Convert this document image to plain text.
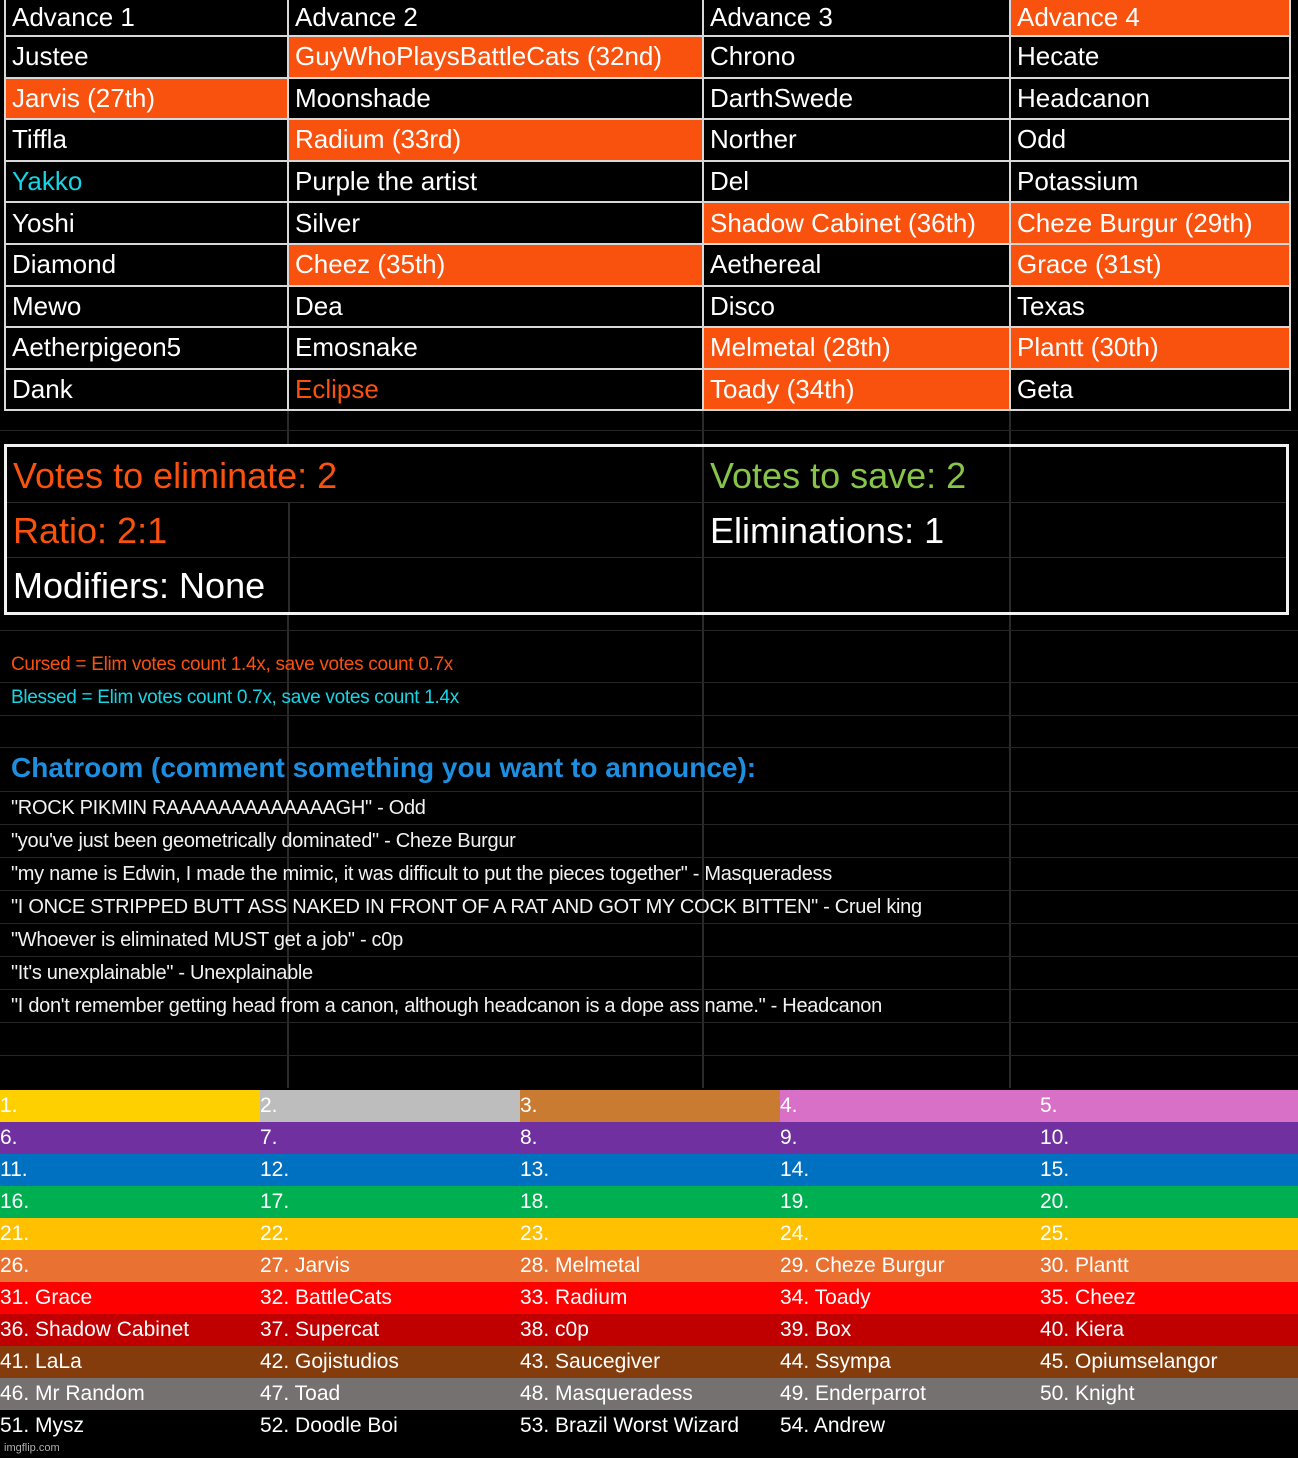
Advance 1	Advance 2	Advance 3	Advance 4
Justee	GuyWhoPlaysBattleCats (32nd)	Chrono	Hecate
Jarvis (27th)	Moonshade	DarthSwede	Headcanon
Tiffla	Radium (33rd)	Norther	Odd
Yakko	Purple the artist	Del	Potassium
Yoshi	Silver	Shadow Cabinet (36th)	Cheze Burgur (29th)
Diamond	Cheez (35th)	Aethereal	Grace (31st)
Mewo	Dea	Disco	Texas
Aetherpigeon5	Emosnake	Melmetal (28th)	Plantt (30th)
Dank	Eclipse	Toady (34th)	Geta
Votes to eliminate: 2	Votes to save: 2
Ratio: 2:1	Eliminations: 1
Modifiers: None
Cursed = Elim votes count 1.4x, save votes count 0.7x
Blessed = Elim votes count 0.7x, save votes count 1.4x
Chatroom (comment something you want to announce):
"ROCK PIKMIN RAAAAAAAAAAAAAGH" - Odd
"you've just been geometrically dominated" - Cheze Burgur
"my name is Edwin, I made the mimic, it was difficult to put the pieces together" - Masqueradess
"I ONCE STRIPPED BUTT ASS NAKED IN FRONT OF A RAT AND GOT MY COCK BITTEN" - Cruel king
"Whoever is eliminated MUST get a job" - c0p
"It's unexplainable" - Unexplainable
"I don't remember getting head from a canon, although headcanon is a dope ass name." - Headcanon
1.	2.	3.	4.	5.
6.	7.	8.	9.	10.
11.	12.	13.	14.	15.
16.	17.	18.	19.	20.
21.	22.	23.	24.	25.
26.	27. Jarvis	28. Melmetal	29. Cheze Burgur	30. Plantt
31. Grace	32. BattleCats	33. Radium	34. Toady	35. Cheez
36. Shadow Cabinet	37. Supercat	38. c0p	39. Box	40. Kiera
41. LaLa	42. Gojistudios	43. Saucegiver	44. Ssympa	45. Opiumselangor
46. Mr Random	47. Toad	48. Masqueradess	49. Enderparrot	50. Knight
51. Mysz	52. Doodle Boi	53. Brazil Worst Wizard	54. Andrew
imgflip.com
